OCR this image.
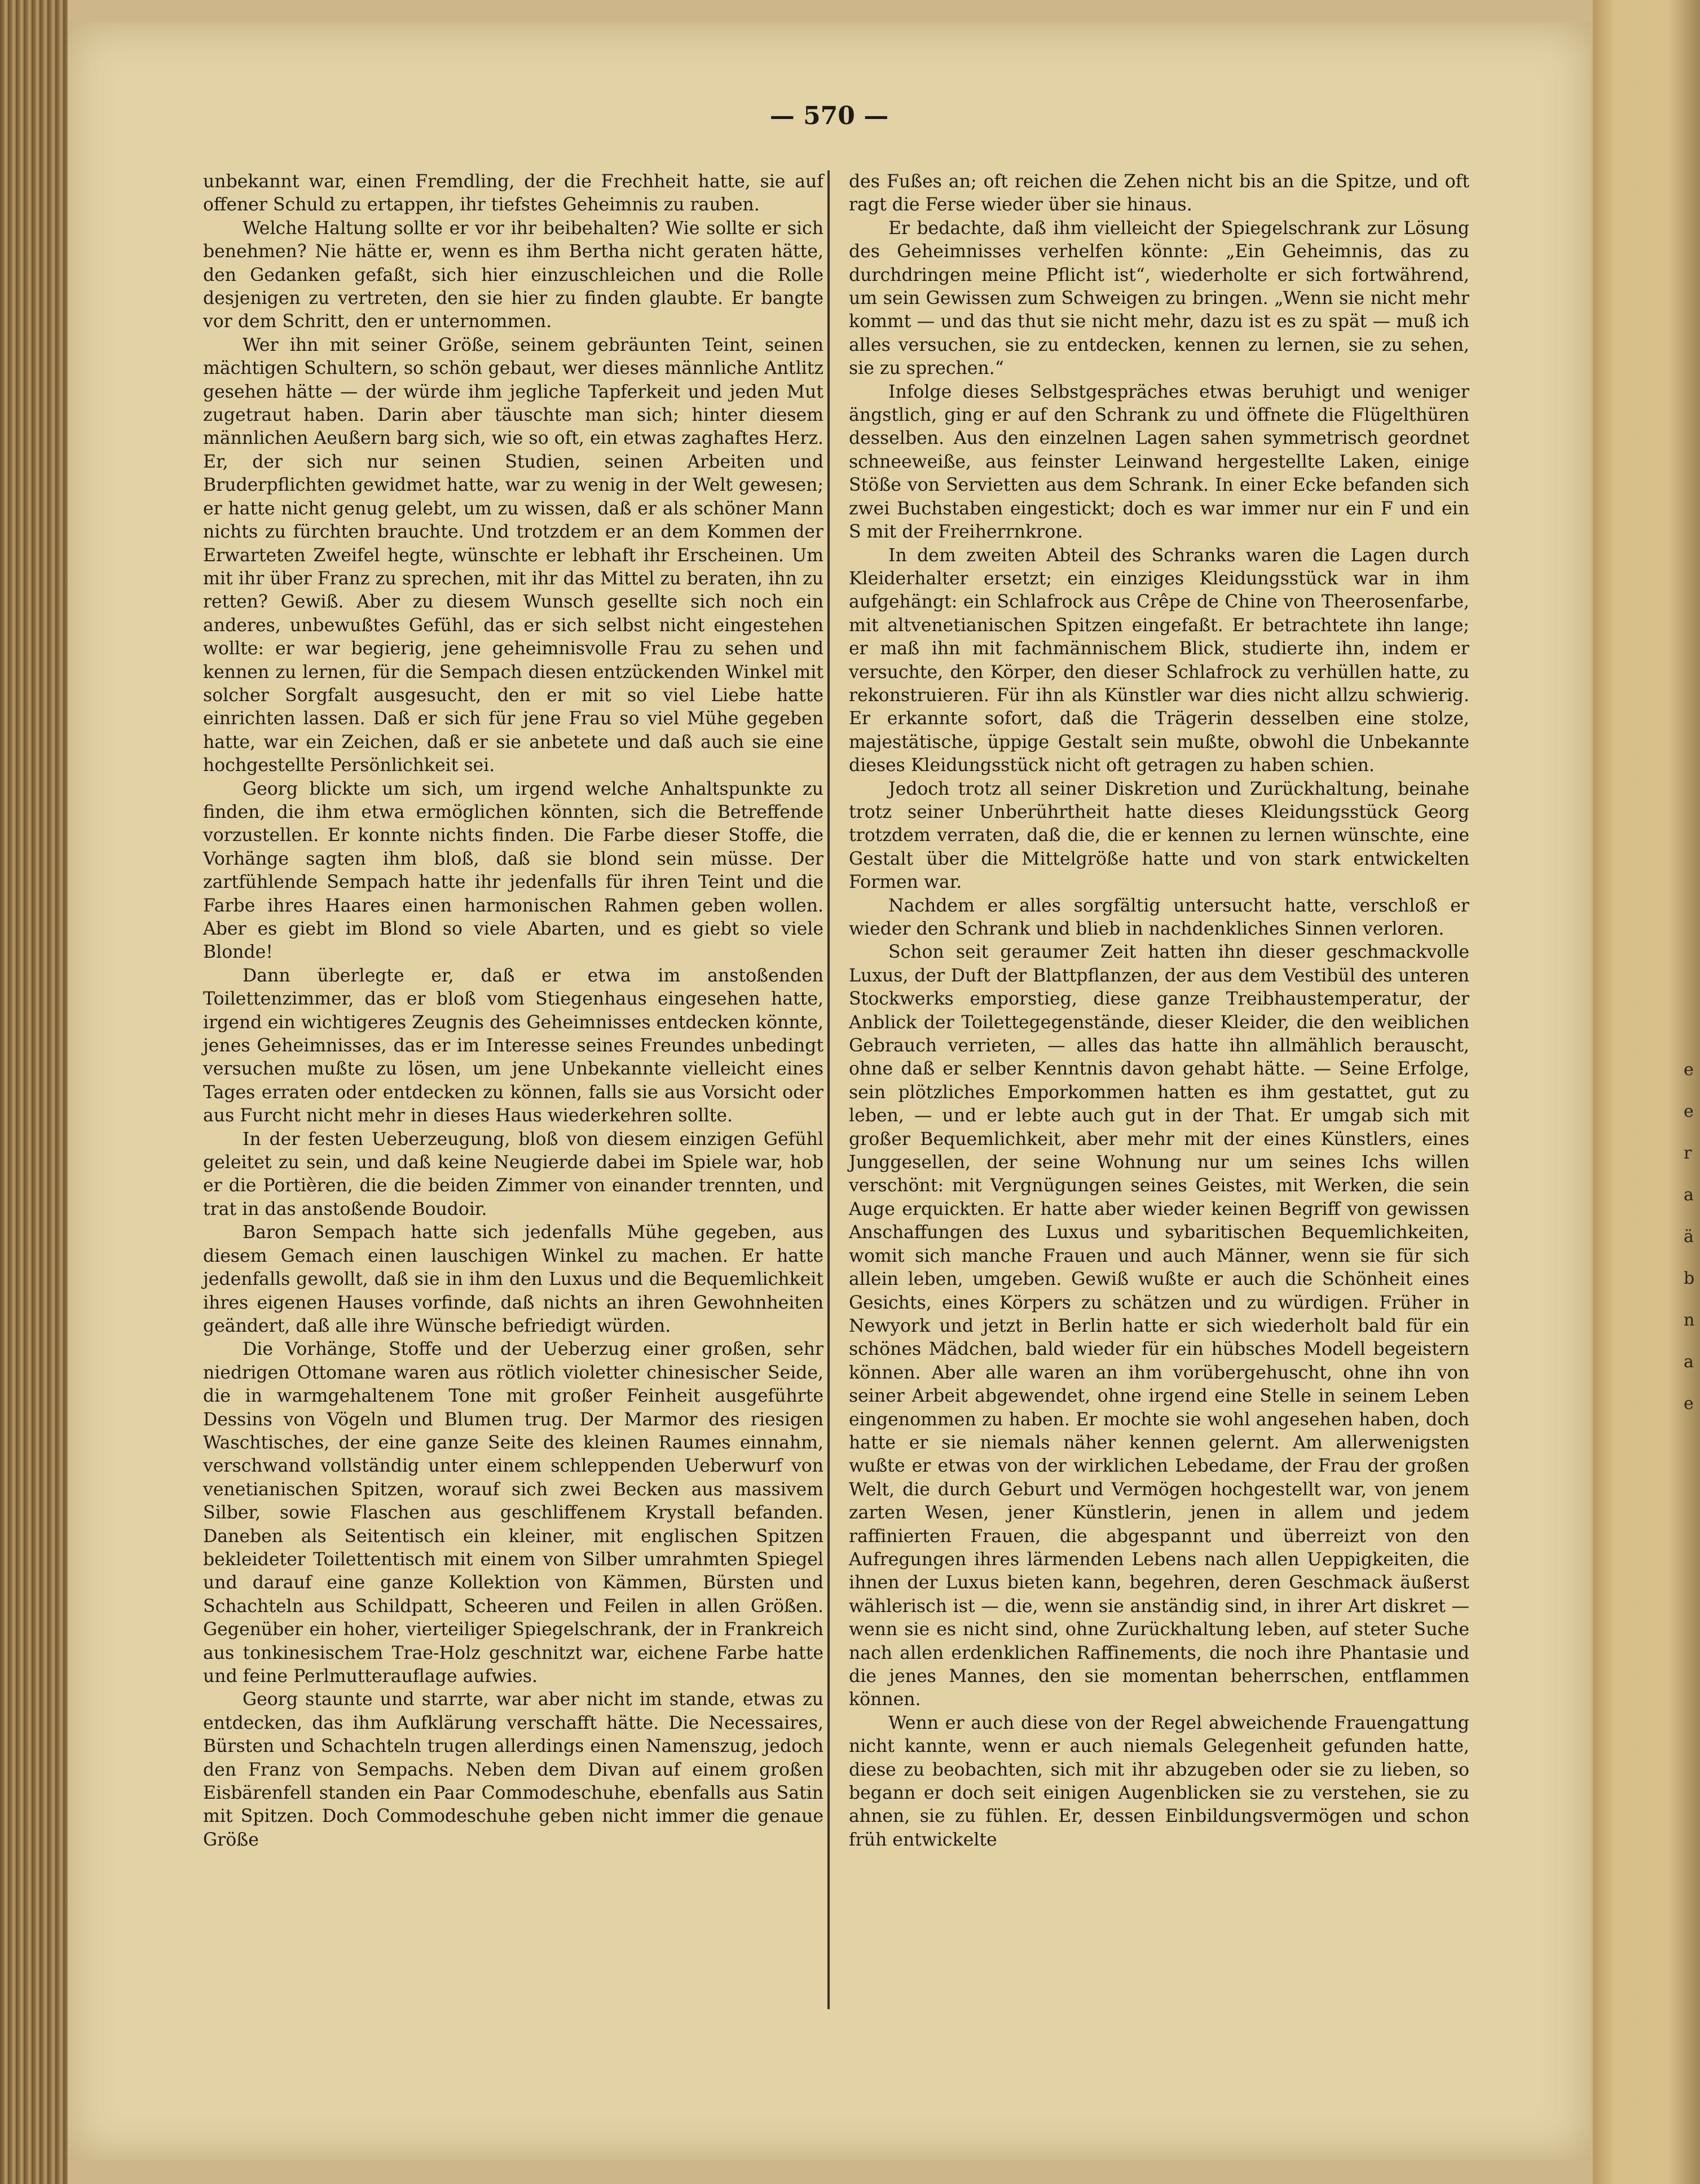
— 570 —

unbekannt war, einen Fremdling, der die Frechheit hatte, sie auf offener Schuld zu ertappen, ihr tiefstes Geheimnis zu rauben.

Welche Haltung sollte er vor ihr beibehalten? Wie sollte er sich benehmen? Nie hätte er, wenn es ihm Bertha nicht geraten hätte, den Gedanken gefaßt, sich hier einzuschleichen und die Rolle desjenigen zu vertreten, den sie hier zu finden glaubte. Er bangte vor dem Schritt, den er unternommen.

Wer ihn mit seiner Größe, seinem gebräunten Teint, seinen mächtigen Schultern, so schön gebaut, wer dieses männliche Antlitz gesehen hätte — der würde ihm jegliche Tapferkeit und jeden Mut zugetraut haben. Darin aber täuschte man sich; hinter diesem männlichen Aeußern barg sich, wie so oft, ein etwas zaghaftes Herz. Er, der sich nur seinen Studien, seinen Arbeiten und Bruderpflichten gewidmet hatte, war zu wenig in der Welt gewesen; er hatte nicht genug gelebt, um zu wissen, daß er als schöner Mann nichts zu fürchten brauchte. Und trotzdem er an dem Kommen der Erwarteten Zweifel hegte, wünschte er lebhaft ihr Erscheinen. Um mit ihr über Franz zu sprechen, mit ihr das Mittel zu beraten, ihn zu retten? Gewiß. Aber zu diesem Wunsch gesellte sich noch ein anderes, unbewußtes Gefühl, das er sich selbst nicht eingestehen wollte: er war begierig, jene geheimnisvolle Frau zu sehen und kennen zu lernen, für die Sempach diesen entzückenden Winkel mit solcher Sorgfalt ausgesucht, den er mit so viel Liebe hatte einrichten lassen. Daß er sich für jene Frau so viel Mühe gegeben hatte, war ein Zeichen, daß er sie anbetete und daß auch sie eine hochgestellte Persönlichkeit sei.

Georg blickte um sich, um irgend welche Anhaltspunkte zu finden, die ihm etwa ermöglichen könnten, sich die Betreffende vorzustellen. Er konnte nichts finden. Die Farbe dieser Stoffe, die Vorhänge sagten ihm bloß, daß sie blond sein müsse. Der zartfühlende Sempach hatte ihr jedenfalls für ihren Teint und die Farbe ihres Haares einen harmonischen Rahmen geben wollen. Aber es giebt im Blond so viele Abarten, und es giebt so viele Blonde!

Dann überlegte er, daß er etwa im anstoßenden Toilettenzimmer, das er bloß vom Stiegenhaus eingesehen hatte, irgend ein wichtigeres Zeugnis des Geheimnisses entdecken könnte, jenes Geheimnisses, das er im Interesse seines Freundes unbedingt versuchen mußte zu lösen, um jene Unbekannte vielleicht eines Tages erraten oder entdecken zu können, falls sie aus Vorsicht oder aus Furcht nicht mehr in dieses Haus wiederkehren sollte.

In der festen Ueberzeugung, bloß von diesem einzigen Gefühl geleitet zu sein, und daß keine Neugierde dabei im Spiele war, hob er die Portièren, die die beiden Zimmer von einander trennten, und trat in das anstoßende Boudoir.

Baron Sempach hatte sich jedenfalls Mühe gegeben, aus diesem Gemach einen lauschigen Winkel zu machen. Er hatte jedenfalls gewollt, daß sie in ihm den Luxus und die Bequemlichkeit ihres eigenen Hauses vorfinde, daß nichts an ihren Gewohnheiten geändert, daß alle ihre Wünsche befriedigt würden.

Die Vorhänge, Stoffe und der Ueberzug einer großen, sehr niedrigen Ottomane waren aus rötlich violetter chinesischer Seide, die in warmgehaltenem Tone mit großer Feinheit ausgeführte Dessins von Vögeln und Blumen trug. Der Marmor des riesigen Waschtisches, der eine ganze Seite des kleinen Raumes einnahm, verschwand vollständig unter einem schleppenden Ueberwurf von venetianischen Spitzen, worauf sich zwei Becken aus massivem Silber, sowie Flaschen aus geschliffenem Krystall befanden. Daneben als Seitentisch ein kleiner, mit englischen Spitzen bekleideter Toilettentisch mit einem von Silber umrahmten Spiegel und darauf eine ganze Kollektion von Kämmen, Bürsten und Schachteln aus Schildpatt, Scheeren und Feilen in allen Größen. Gegenüber ein hoher, vierteiliger Spiegelschrank, der in Frankreich aus tonkinesischem Trae-Holz geschnitzt war, eichene Farbe hatte und feine Perlmutterauflage aufwies.

Georg staunte und starrte, war aber nicht im stande, etwas zu entdecken, das ihm Aufklärung verschafft hätte. Die Necessaires, Bürsten und Schachteln trugen allerdings einen Namenszug, jedoch den Franz von Sempachs. Neben dem Divan auf einem großen Eisbärenfell standen ein Paar Commodeschuhe, ebenfalls aus Satin mit Spitzen. Doch Commodeschuhe geben nicht immer die genaue Größe

des Fußes an; oft reichen die Zehen nicht bis an die Spitze, und oft ragt die Ferse wieder über sie hinaus.

Er bedachte, daß ihm vielleicht der Spiegelschrank zur Lösung des Geheimnisses verhelfen könnte: „Ein Geheimnis, das zu durchdringen meine Pflicht ist“, wiederholte er sich fortwährend, um sein Gewissen zum Schweigen zu bringen. „Wenn sie nicht mehr kommt — und das thut sie nicht mehr, dazu ist es zu spät — muß ich alles versuchen, sie zu entdecken, kennen zu lernen, sie zu sehen, sie zu sprechen.“

Infolge dieses Selbstgespräches etwas beruhigt und weniger ängstlich, ging er auf den Schrank zu und öffnete die Flügelthüren desselben. Aus den einzelnen Lagen sahen symmetrisch geordnet schneeweiße, aus feinster Leinwand hergestellte Laken, einige Stöße von Servietten aus dem Schrank. In einer Ecke befanden sich zwei Buchstaben eingestickt; doch es war immer nur ein F und ein S mit der Freiherrnkrone.

In dem zweiten Abteil des Schranks waren die Lagen durch Kleiderhalter ersetzt; ein einziges Kleidungsstück war in ihm aufgehängt: ein Schlafrock aus Crêpe de Chine von Theerosenfarbe, mit altvenetianischen Spitzen eingefaßt. Er betrachtete ihn lange; er maß ihn mit fachmännischem Blick, studierte ihn, indem er versuchte, den Körper, den dieser Schlafrock zu verhüllen hatte, zu rekonstruieren. Für ihn als Künstler war dies nicht allzu schwierig. Er erkannte sofort, daß die Trägerin desselben eine stolze, majestätische, üppige Gestalt sein mußte, obwohl die Unbekannte dieses Kleidungsstück nicht oft getragen zu haben schien.

Jedoch trotz all seiner Diskretion und Zurückhaltung, beinahe trotz seiner Unberührtheit hatte dieses Kleidungsstück Georg trotzdem verraten, daß die, die er kennen zu lernen wünschte, eine Gestalt über die Mittelgröße hatte und von stark entwickelten Formen war.

Nachdem er alles sorgfältig untersucht hatte, verschloß er wieder den Schrank und blieb in nachdenkliches Sinnen verloren.

Schon seit geraumer Zeit hatten ihn dieser geschmackvolle Luxus, der Duft der Blattpflanzen, der aus dem Vestibül des unteren Stockwerks emporstieg, diese ganze Treibhaustemperatur, der Anblick der Toilettegegenstände, dieser Kleider, die den weiblichen Gebrauch verrieten, — alles das hatte ihn allmählich berauscht, ohne daß er selber Kenntnis davon gehabt hätte. — Seine Erfolge, sein plötzliches Emporkommen hatten es ihm gestattet, gut zu leben, — und er lebte auch gut in der That. Er umgab sich mit großer Bequemlichkeit, aber mehr mit der eines Künstlers, eines Junggesellen, der seine Wohnung nur um seines Ichs willen verschönt: mit Vergnügungen seines Geistes, mit Werken, die sein Auge erquickten. Er hatte aber wieder keinen Begriff von gewissen Anschaffungen des Luxus und sybaritischen Bequemlichkeiten, womit sich manche Frauen und auch Männer, wenn sie für sich allein leben, umgeben. Gewiß wußte er auch die Schönheit eines Gesichts, eines Körpers zu schätzen und zu würdigen. Früher in Newyork und jetzt in Berlin hatte er sich wiederholt bald für ein schönes Mädchen, bald wieder für ein hübsches Modell begeistern können. Aber alle waren an ihm vorübergehuscht, ohne ihn von seiner Arbeit abgewendet, ohne irgend eine Stelle in seinem Leben eingenommen zu haben. Er mochte sie wohl angesehen haben, doch hatte er sie niemals näher kennen gelernt. Am allerwenigsten wußte er etwas von der wirklichen Lebedame, der Frau der großen Welt, die durch Geburt und Vermögen hochgestellt war, von jenem zarten Wesen, jener Künstlerin, jenen in allem und jedem raffinierten Frauen, die abgespannt und überreizt von den Aufregungen ihres lärmenden Lebens nach allen Ueppigkeiten, die ihnen der Luxus bieten kann, begehren, deren Geschmack äußerst wählerisch ist — die, wenn sie anständig sind, in ihrer Art diskret — wenn sie es nicht sind, ohne Zurückhaltung leben, auf steter Suche nach allen erdenklichen Raffinements, die noch ihre Phantasie und die jenes Mannes, den sie momentan beherrschen, entflammen können.

Wenn er auch diese von der Regel abweichende Frauengattung nicht kannte, wenn er auch niemals Gelegenheit gefunden hatte, diese zu beobachten, sich mit ihr abzugeben oder sie zu lieben, so begann er doch seit einigen Augenblicken sie zu verstehen, sie zu ahnen, sie zu fühlen. Er, dessen Einbildungsvermögen und schon früh entwickelte

e
e
r
a
ä
b
n
a
e
